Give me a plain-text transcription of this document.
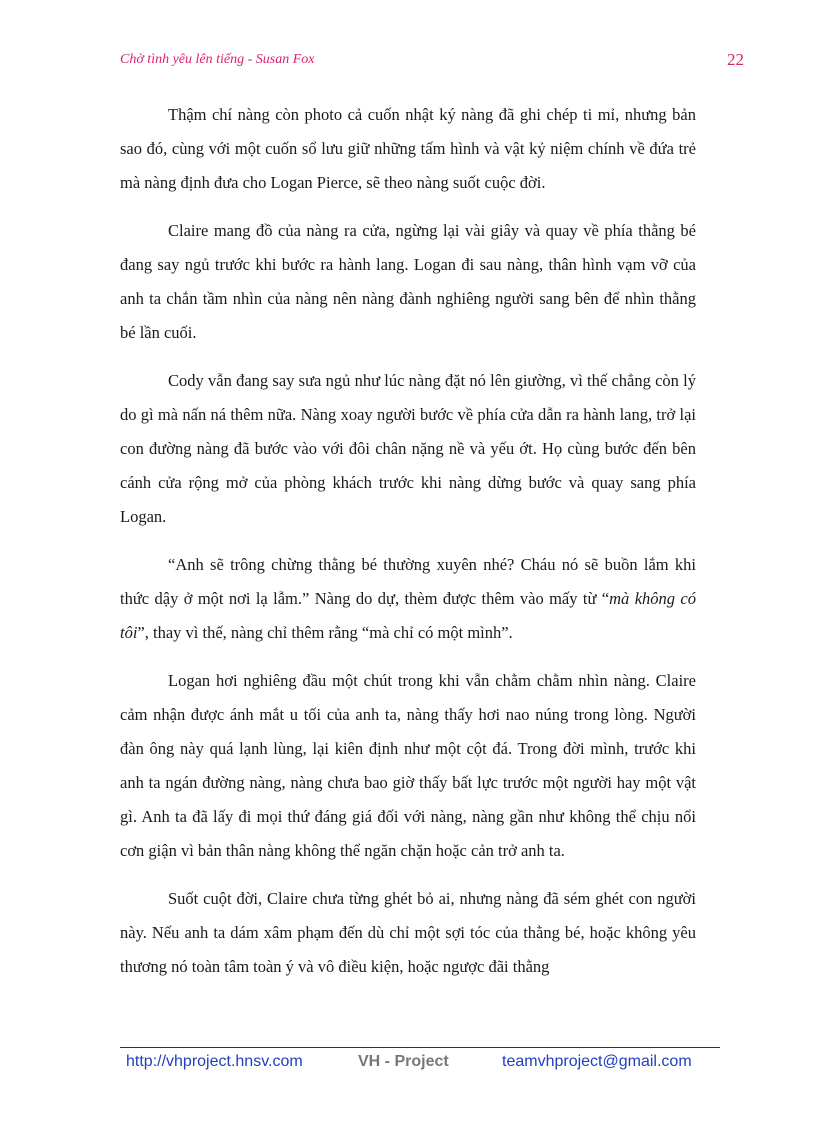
Chờ tình yêu lên tiếng - Susan Fox	22

Thậm chí nàng còn photo cả cuốn nhật ký nàng đã ghi chép ti mỉ, nhưng bản sao đó, cùng với một cuốn sổ lưu giữ những tấm hình và vật kỷ niệm chính về đứa trẻ mà nàng định đưa cho Logan Pierce, sẽ theo nàng suốt cuộc đời.

Claire mang đồ của nàng ra cửa, ngừng lại vài giây và quay về phía thằng bé đang say ngủ trước khi bước ra hành lang. Logan đi sau nàng, thân hình vạm vỡ của anh ta chắn tầm nhìn của nàng nên nàng đành nghiêng người sang bên để nhìn thằng bé lần cuối.

Cody vẫn đang say sưa ngủ như lúc nàng đặt nó lên giường, vì thế chẳng còn lý do gì mà nấn ná thêm nữa. Nàng xoay người bước về phía cửa dẫn ra hành lang, trở lại con đường nàng đã bước vào với đôi chân nặng nề và yếu ớt. Họ cùng bước đến bên cánh cửa rộng mở của phòng khách trước khi nàng dừng bước và quay sang phía Logan.

“Anh sẽ trông chừng thằng bé thường xuyên nhé? Cháu nó sẽ buồn lắm khi thức dậy ở một nơi lạ lẫm.” Nàng do dự, thèm được thêm vào mấy từ “mà không có tôi”, thay vì thế, nàng chỉ thêm rằng “mà chỉ có một mình”.

Logan hơi nghiêng đầu một chút trong khi vẫn chằm chằm nhìn nàng. Claire cảm nhận được ánh mắt u tối của anh ta, nàng thấy hơi nao núng trong lòng. Người đàn ông này quá lạnh lùng, lại kiên định như một cột đá. Trong đời mình, trước khi anh ta ngán đường nàng, nàng chưa bao giờ thấy bất lực trước một người hay một vật gì. Anh ta đã lấy đi mọi thứ đáng giá đối với nàng, nàng gần như không thể chịu nổi cơn giận vì bản thân nàng không thể ngăn chặn hoặc cản trở anh ta.

Suốt cuột đời, Claire chưa từng ghét bỏ ai, nhưng nàng đã sém ghét con người này. Nếu anh ta dám xâm phạm đến dù chỉ một sợi tóc của thằng bé, hoặc không yêu thương nó toàn tâm toàn ý và vô điều kiện, hoặc ngược đãi thằng

http://vhproject.hnsv.com	VH - Project	teamvhproject@gmail.com
